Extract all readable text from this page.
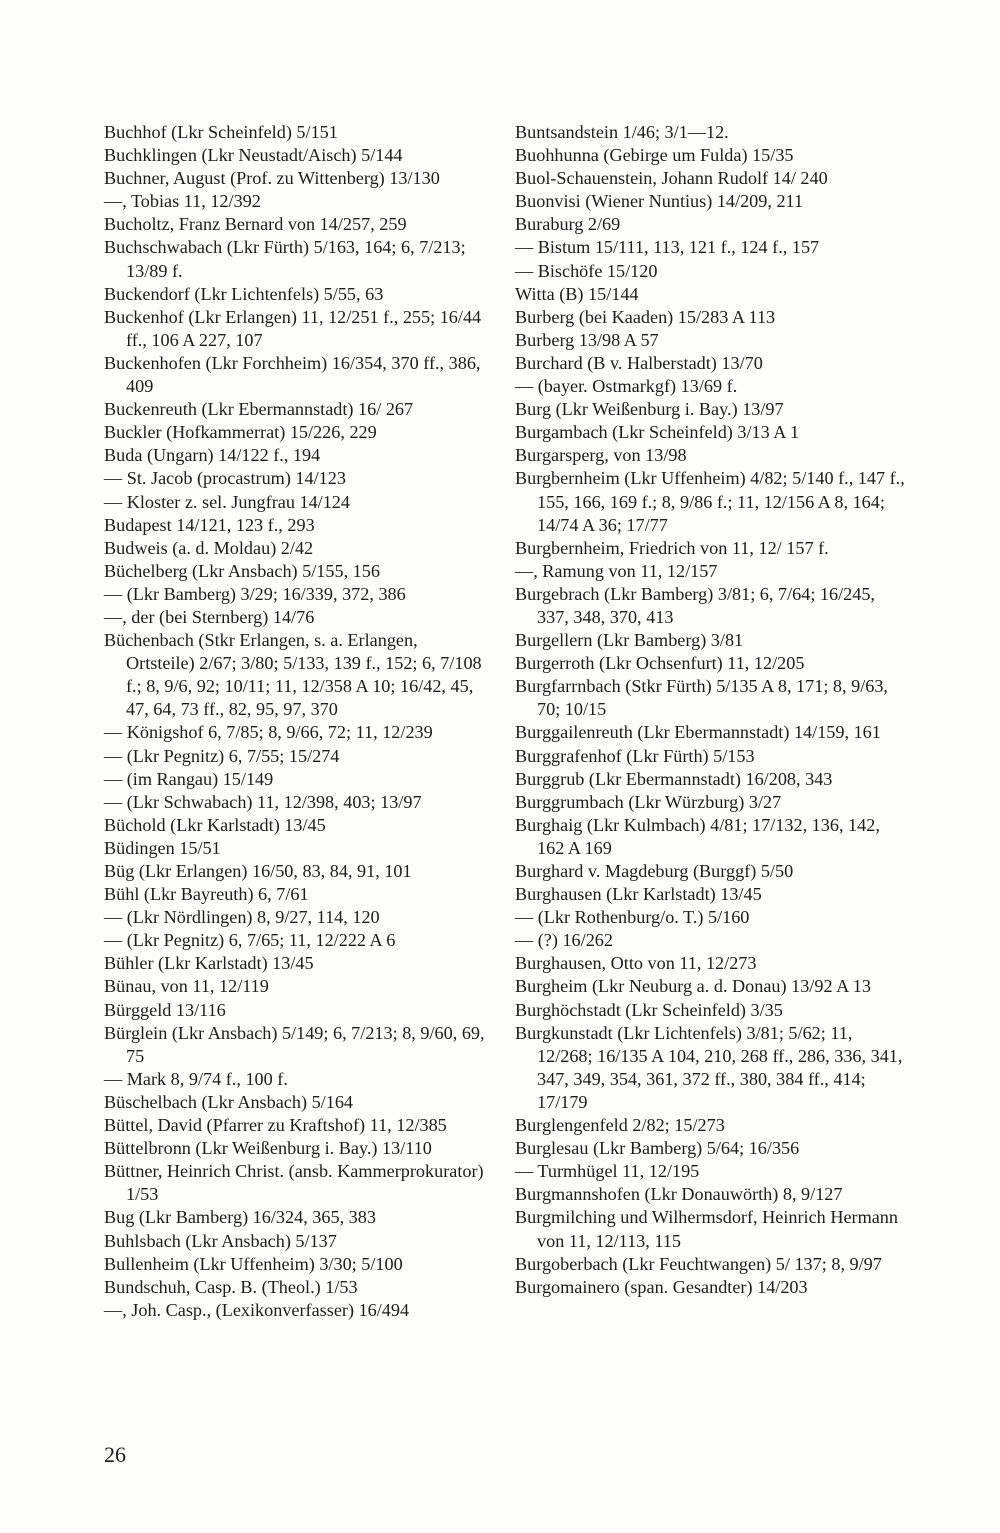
Buchhof (Lkr Scheinfeld) 5/151
Buchklingen (Lkr Neustadt/Aisch) 5/144
Buchner, August (Prof. zu Wittenberg) 13/130
—, Tobias 11, 12/392
Bucholtz, Franz Bernard von 14/257, 259
Buchschwabach (Lkr Fürth) 5/163, 164; 6, 7/213; 13/89 f.
Buckendorf (Lkr Lichtenfels) 5/55, 63
Buckenhof (Lkr Erlangen) 11, 12/251 f., 255; 16/44 ff., 106 A 227, 107
Buckenhofen (Lkr Forchheim) 16/354, 370 ff., 386, 409
Buckenreuth (Lkr Ebermannstadt) 16/ 267
Buckler (Hofkammerrat) 15/226, 229
Buda (Ungarn) 14/122 f., 194
— St. Jacob (procastrum) 14/123
— Kloster z. sel. Jungfrau 14/124
Budapest 14/121, 123 f., 293
Budweis (a. d. Moldau) 2/42
Büchelberg (Lkr Ansbach) 5/155, 156
— (Lkr Bamberg) 3/29; 16/339, 372, 386
—, der (bei Sternberg) 14/76
Büchenbach (Stkr Erlangen, s. a. Erlangen, Ortsteile) 2/67; 3/80; 5/133, 139 f., 152; 6, 7/108 f.; 8, 9/6, 92; 10/11; 11, 12/358 A 10; 16/42, 45, 47, 64, 73 ff., 82, 95, 97, 370
— Königshof 6, 7/85; 8, 9/66, 72; 11, 12/239
— (Lkr Pegnitz) 6, 7/55; 15/274
— (im Rangau) 15/149
— (Lkr Schwabach) 11, 12/398, 403; 13/97
Büchold (Lkr Karlstadt) 13/45
Büdingen 15/51
Büg (Lkr Erlangen) 16/50, 83, 84, 91, 101
Bühl (Lkr Bayreuth) 6, 7/61
— (Lkr Nördlingen) 8, 9/27, 114, 120
— (Lkr Pegnitz) 6, 7/65; 11, 12/222 A 6
Bühler (Lkr Karlstadt) 13/45
Bünau, von 11, 12/119
Bürggeld 13/116
Bürglein (Lkr Ansbach) 5/149; 6, 7/213; 8, 9/60, 69, 75
— Mark 8, 9/74 f., 100 f.
Büschelbach (Lkr Ansbach) 5/164
Büttel, David (Pfarrer zu Kraftshof) 11, 12/385
Büttelbronn (Lkr Weißenburg i. Bay.) 13/110
Büttner, Heinrich Christ. (ansb. Kammerprokurator) 1/53
Bug (Lkr Bamberg) 16/324, 365, 383
Buhlsbach (Lkr Ansbach) 5/137
Bullenheim (Lkr Uffenheim) 3/30; 5/100
Bundschuh, Casp. B. (Theol.) 1/53
—, Joh. Casp., (Lexikonverfasser) 16/494
Buntsandstein 1/46; 3/1—12.
Buohhunna (Gebirge um Fulda) 15/35
Buol-Schauenstein, Johann Rudolf 14/ 240
Buonvisi (Wiener Nuntius) 14/209, 211
Buraburg 2/69
— Bistum 15/111, 113, 121 f., 124 f., 157
— Bischöfe 15/120
Witta (B) 15/144
Burberg (bei Kaaden) 15/283 A 113
Burberg 13/98 A 57
Burchard (B v. Halberstadt) 13/70
— (bayer. Ostmarkgf) 13/69 f.
Burg (Lkr Weißenburg i. Bay.) 13/97
Burgambach (Lkr Scheinfeld) 3/13 A 1
Burgarsperg, von 13/98
Burgbernheim (Lkr Uffenheim) 4/82; 5/140 f., 147 f., 155, 166, 169 f.; 8, 9/86 f.; 11, 12/156 A 8, 164; 14/74 A 36; 17/77
Burgbernheim, Friedrich von 11, 12/ 157 f.
—, Ramung von 11, 12/157
Burgebrach (Lkr Bamberg) 3/81; 6, 7/64; 16/245, 337, 348, 370, 413
Burgellern (Lkr Bamberg) 3/81
Burgerroth (Lkr Ochsenfurt) 11, 12/205
Burgfarrnbach (Stkr Fürth) 5/135 A 8, 171; 8, 9/63, 70; 10/15
Burggailenreuth (Lkr Ebermannstadt) 14/159, 161
Burggrafenhof (Lkr Fürth) 5/153
Burggrub (Lkr Ebermannstadt) 16/208, 343
Burggrumbach (Lkr Würzburg) 3/27
Burghaig (Lkr Kulmbach) 4/81; 17/132, 136, 142, 162 A 169
Burghard v. Magdeburg (Burggf) 5/50
Burghausen (Lkr Karlstadt) 13/45
— (Lkr Rothenburg/o. T.) 5/160
— (?) 16/262
Burghausen, Otto von 11, 12/273
Burgheim (Lkr Neuburg a. d. Donau) 13/92 A 13
Burghöchstadt (Lkr Scheinfeld) 3/35
Burgkunstadt (Lkr Lichtenfels) 3/81; 5/62; 11, 12/268; 16/135 A 104, 210, 268 ff., 286, 336, 341, 347, 349, 354, 361, 372 ff., 380, 384 ff., 414; 17/179
Burglengenfeld 2/82; 15/273
Burglesau (Lkr Bamberg) 5/64; 16/356
— Turmhügel 11, 12/195
Burgmannshofen (Lkr Donauwörth) 8, 9/127
Burgmilching und Wilhermsdorf, Heinrich Hermann von 11, 12/113, 115
Burgoberbach (Lkr Feuchtwangen) 5/ 137; 8, 9/97
Burgomainero (span. Gesandter) 14/203
26
